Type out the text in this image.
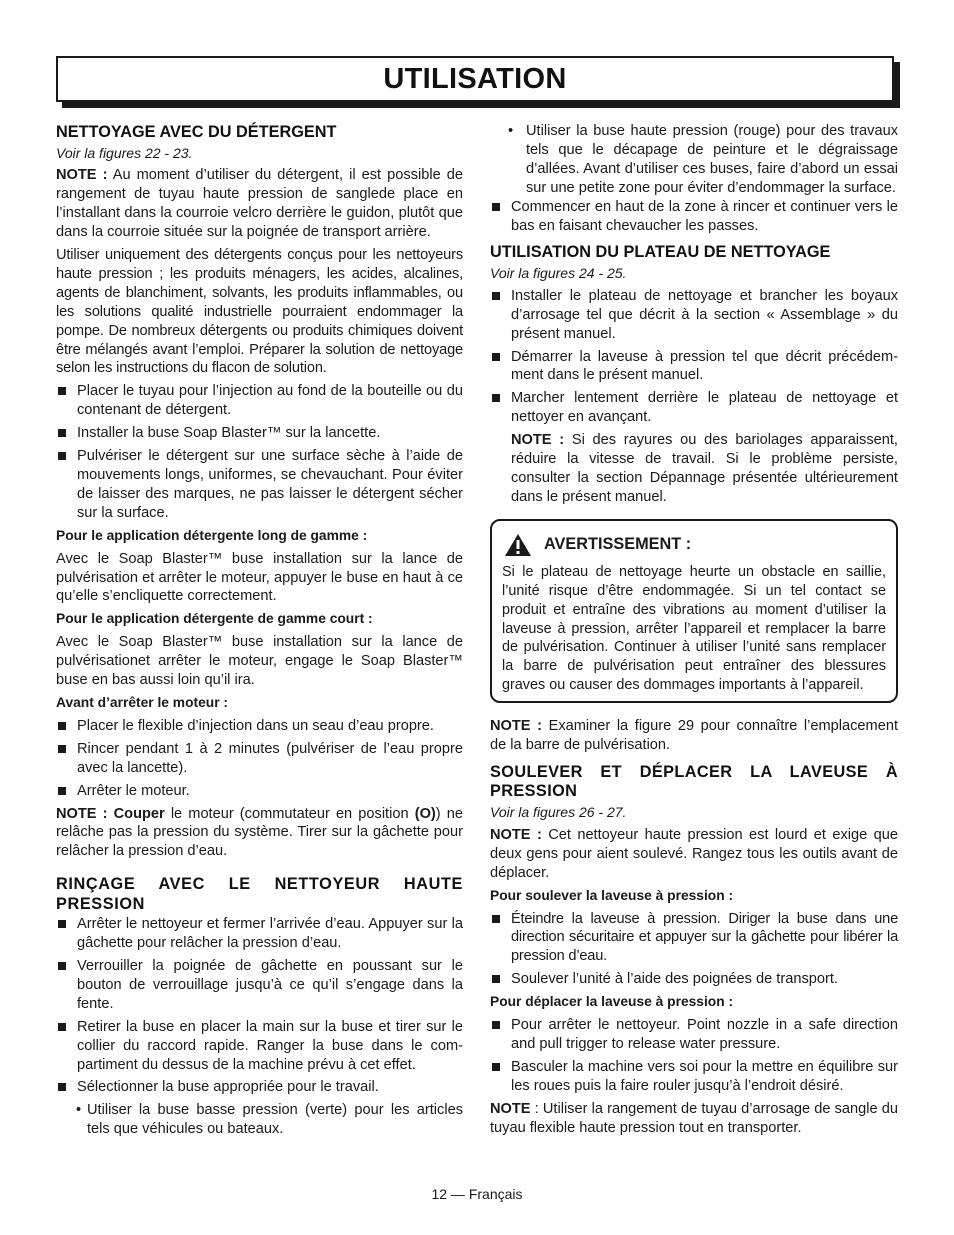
UTILISATION
NETTOYAGE AVEC DU DÉTERGENT
Voir la figures 22 - 23.

NOTE : Au moment d’utiliser du détergent, il est possible de rangement de tuyau haute pression de sanglede place en l’installant dans la courroie velcro derrière le guidon, plutôt que dans la courroie située sur la poignée de transport arrière.

Utiliser uniquement des détergents conçus pour les nettoyeurs haute pression ; les produits ménagers, les acides, alcalines, agents de blanchiment, solvants, les produits inflammables, ou les solutions qualité industrielle pourraient endommager la pompe. De nombreux détergents ou produits chimiques doivent être mélangés avant l’emploi. Préparer la solution de nettoyage selon les instructions du flacon de solution.

Placer le tuyau pour l’injection au fond de la bouteille ou du contenant de détergent.
Installer la buse Soap Blaster™ sur la lancette.
Pulvériser le détergent sur une surface sèche à l’aide de mouvements longs, uniformes, se chevauchant. Pour éviter de laisser des marques, ne pas laisser le détergent sécher sur la surface.

Pour le application détergente long de gamme :

Avec le Soap Blaster™ buse installation sur la lance de pulvérisation et arrêter le moteur, appuyer le buse en haut à ce qu’elle s’encliquette correctement.

Pour le application détergente de gamme court :

Avec le Soap Blaster™ buse installation sur la lance de pulvérisationet arrêter le moteur, engage le Soap Blaster™ buse en bas aussi loin qu’il ira.

Avant d’arrêter le moteur :

Placer le flexible d’injection dans un seau d’eau propre.
Rincer pendant 1 à 2 minutes (pulvériser de l’eau propre avec la lancette).
Arrêter le moteur.

NOTE : Couper le moteur (commutateur en position (O)) ne relâche pas la pression du système. Tirer sur la gâchette pour relâcher la pression d’eau.

RINÇAGE AVEC LE NETTOYEUR HAUTE PRESSION
Arrêter le nettoyeur et fermer l’arrivée d’eau. Appuyer sur la gâchette pour relâcher la pression d’eau.
Verrouiller la poignée de gâchette en poussant sur le bouton de verrouillage jusqu’à ce qu’il s’engage dans la fente.
Retirer la buse en placer la main sur la buse et tirer sur le collier du raccord rapide. Ranger la buse dans le compartiment du dessus de la machine prévu à cet effet.
Sélectionner la buse appropriée pour le travail.
• Utiliser la buse basse pression (verte) pour les articles tels que véhicules ou bateaux.
• Utiliser la buse haute pression (rouge) pour des travaux tels que le décapage de peinture et le dégraissage d’allées. Avant d’utiliser ces buses, faire d’abord un essai sur une petite zone pour éviter d’endommager la surface.
Commencer en haut de la zone à rincer et continuer vers le bas en faisant chevaucher les passes.
UTILISATION DU PLATEAU DE NETTOYAGE
Voir la figures 24 - 25.
Installer le plateau de nettoyage et brancher les boyaux d’arrosage tel que décrit à la section « Assemblage » du présent manuel.
Démarrer la laveuse à pression tel que décrit précédemment dans le présent manuel.
Marcher lentement derrière le plateau de nettoyage et nettoyer en avançant.

NOTE : Si des rayures ou des bariolages apparaissent, réduire la vitesse de travail. Si le problème persiste, consulter la section Dépannage présentée ultérieurement dans le présent manuel.

AVERTISSEMENT :

Si le plateau de nettoyage heurte un obstacle en saillie, l’unité risque d’être endommagée. Si un tel contact se produit et entraîne des vibrations au moment d’utiliser la laveuse à pression, arrêter l’appareil et remplacer la barre de pulvérisation. Continuer à utiliser l’unité sans remplacer la barre de pulvérisation peut entraîner des blessures graves ou causer des dommages importants à l’appareil.

NOTE : Examiner la figure 29 pour connaître l’emplacement de la barre de pulvérisation.

SOULEVER ET DÉPLACER LA LAVEUSE À PRESSION
Voir la figures 26 - 27.

NOTE : Cet nettoyeur haute pression est lourd et exige que deux gens pour aient soulevé. Rangez tous les outils avant de déplacer.

Pour soulever la laveuse à pression :

Éteindre la laveuse à pression. Diriger la buse dans une direction sécuritaire et appuyer sur la gâchette pour libérer la pression d’eau.
Soulever l’unité à l’aide des poignées de transport.

Pour déplacer la laveuse à pression :

Pour arrêter le nettoyeur. Point nozzle in a safe direction and pull trigger to release water pressure.
Basculer la machine vers soi pour la mettre en équilibre sur les roues puis la faire rouler jusqu’à l’endroit désiré.

NOTE : Utiliser la rangement de tuyau d’arrosage de sangle du tuyau flexible haute pression tout en transporter.

12 — Français
